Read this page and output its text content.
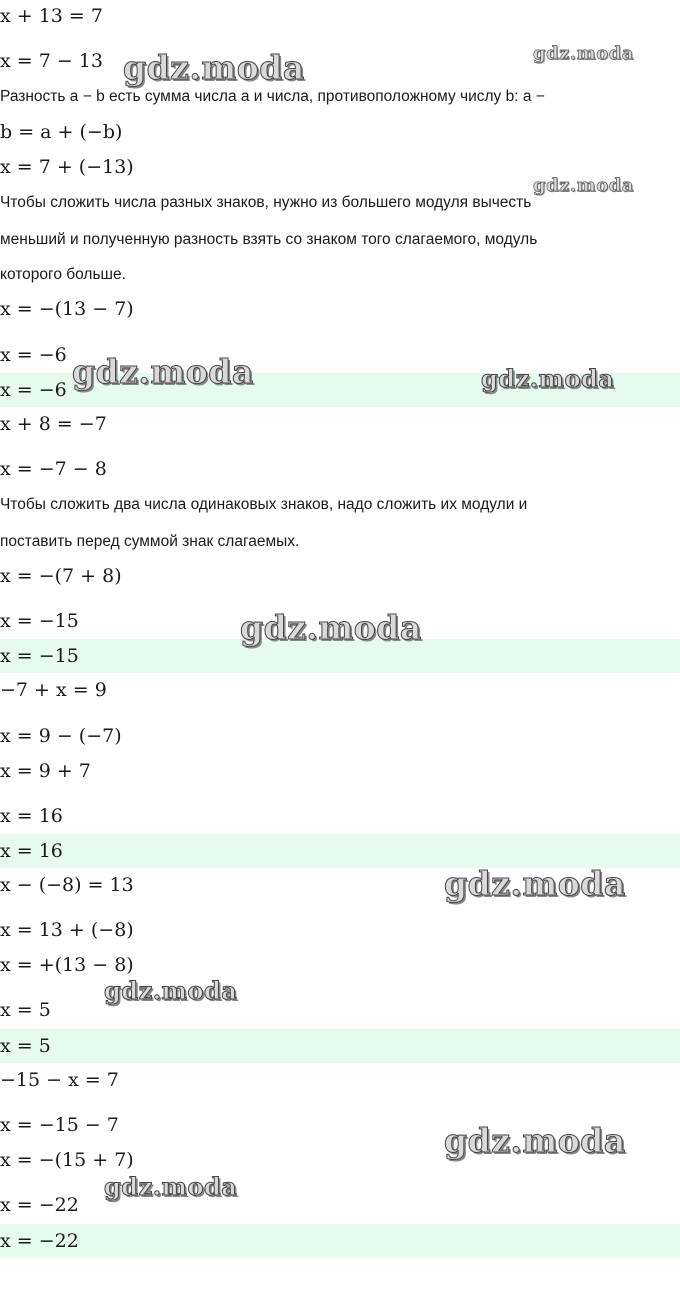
x + 13 = 7
x = 7 − 13
Разность a − b есть сумма числа a и числа, противоположному числу b: a −
b = a + (−b)
x = 7 + (−13)
Чтобы сложить числа разных знаков, нужно из большего модуля вычесть
меньший и полученную разность взять со знаком того слагаемого, модуль
которого больше.
x = −(13 − 7)
x = −6
x = −6
x + 8 = −7
x = −7 − 8
Чтобы сложить два числа одинаковых знаков, надо сложить их модули и
поставить перед суммой знак слагаемых.
x = −(7 + 8)
x = −15
x = −15
−7 + x = 9
x = 9 − (−7)
x = 9 + 7
x = 16
x = 16
x − (−8) = 13
x = 13 + (−8)
x = +(13 − 8)
x = 5
x = 5
−15 − x = 7
x = −15 − 7
x = −(15 + 7)
x = −22
x = −22
gdz.moda	gdz.moda
gdz.moda
gdz.moda	gdz.moda
gdz.moda
gdz.moda
gdz.moda
gdz.moda
gdz.moda
